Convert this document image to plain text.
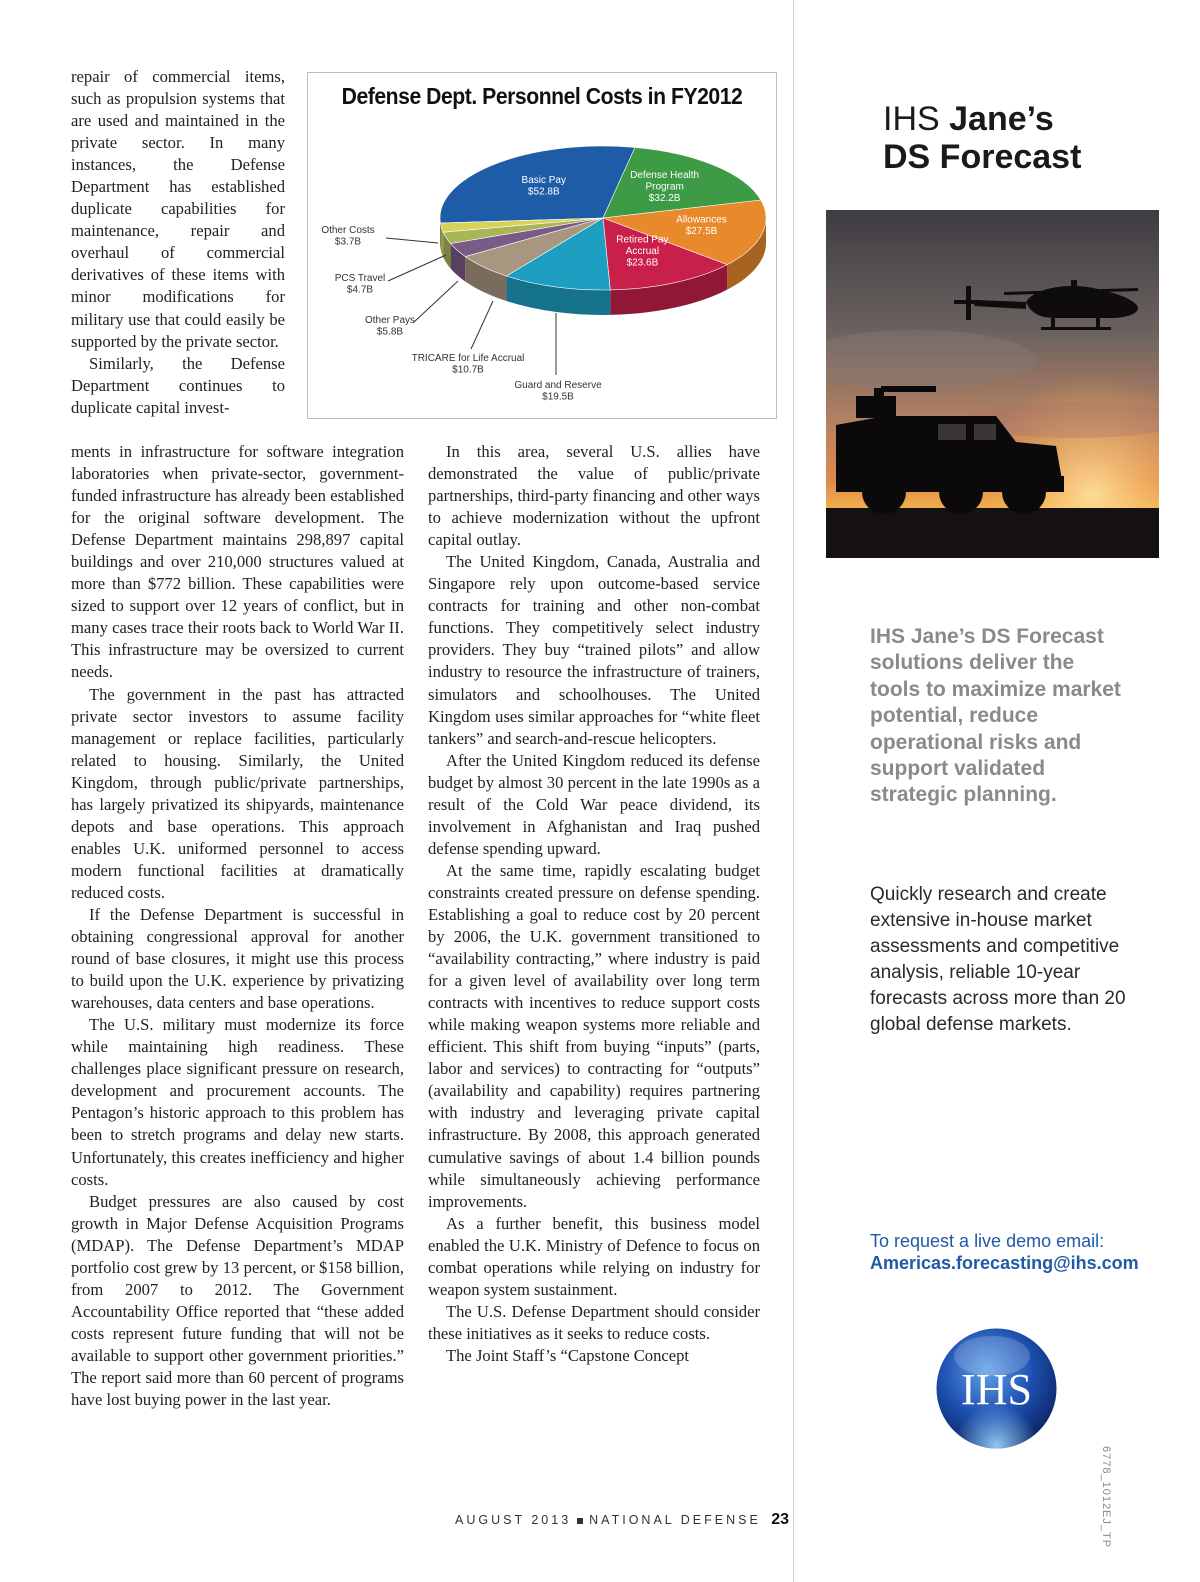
repair of commercial items, such as propulsion systems that are used and maintained in the private sector. In many instances, the Defense Department has established duplicate capabilities for maintenance, repair and overhaul of commercial derivatives of these items with minor modifications for military use that could easily be supported by the private sector.

Similarly, the Defense Department continues to duplicate capital invest-

ments in infrastructure for software integration laboratories when private-sector, government-funded infrastructure has already been established for the original software development. The Defense Department maintains 298,897 capital buildings and over 210,000 structures valued at more than $772 billion. These capabilities were sized to support over 12 years of conflict, but in many cases trace their roots back to World War II. This infrastructure may be oversized to current needs.

The government in the past has attracted private sector investors to assume facility management or replace facilities, particularly related to housing. Similarly, the United Kingdom, through public/private partnerships, has largely privatized its shipyards, maintenance depots and base operations. This approach enables U.K. uniformed personnel to access modern functional facilities at dramatically reduced costs.

If the Defense Department is successful in obtaining congressional approval for another round of base closures, it might use this process to build upon the U.K. experience by privatizing warehouses, data centers and base operations.

The U.S. military must modernize its force while maintaining high readiness. These challenges place significant pressure on research, development and procurement accounts. The Pentagon’s historic approach to this problem has been to stretch programs and delay new starts. Unfortunately, this creates inefficiency and higher costs.

Budget pressures are also caused by cost growth in Major Defense Acquisition Programs (MDAP). The Defense Department’s MDAP portfolio cost grew by 13 percent, or $158 billion, from 2007 to 2012. The Government Accountability Office reported that “these added costs represent future funding that will not be available to support other government priorities.” The report said more than 60 percent of programs have lost buying power in the last year.

In this area, several U.S. allies have demonstrated the value of public/private partnerships, third-party financing and other ways to achieve modernization without the upfront capital outlay.

The United Kingdom, Canada, Australia and Singapore rely upon outcome-based service contracts for training and other non-combat functions. They competitively select industry providers. They buy “trained pilots” and allow industry to resource the infrastructure of trainers, simulators and schoolhouses. The United Kingdom uses similar approaches for “white fleet tankers” and search-and-rescue helicopters.

After the United Kingdom reduced its defense budget by almost 30 percent in the late 1990s as a result of the Cold War peace dividend, its involvement in Afghanistan and Iraq pushed defense spending upward.

At the same time, rapidly escalating budget constraints created pressure on defense spending. Establishing a goal to reduce cost by 20 percent by 2006, the U.K. government transitioned to “availability contracting,” where industry is paid for a given level of availability over long term contracts with incentives to reduce support costs while making weapon systems more reliable and efficient. This shift from buying “inputs” (parts, labor and services) to contracting for “outputs” (availability and capability) requires partnering with industry and leveraging private capital infrastructure. By 2008, this approach generated cumulative savings of about 1.4 billion pounds while simultaneously achieving performance improvements.

As a further benefit, this business model enabled the U.K. Ministry of Defence to focus on combat operations while relying on industry for weapon system sustainment.

The U.S. Defense Department should consider these initiatives as it seeks to reduce costs.

The Joint Staff’s “Capstone Concept

Basic Pay $52.8B
Defense Health Program $32.2B
Allowances $27.5B
Retired Pay Accrual $23.6B
Guard and Reserve $19.5B
TRICARE for Life Accrual $10.7B
Other Pays $5.8B
PCS Travel $4.7B
Other Costs $3.7B
Defense Dept. Personnel Costs in FY2012
AUGUST 2013 NATIONAL DEFENSE 23
IHS Jane’s
DS Forecast
IHS Jane’s DS Forecast solutions deliver the tools to maximize market potential, reduce operational risks and support validated strategic planning.
Quickly research and create extensive in-house market assessments and competitive analysis, reliable 10-year forecasts across more than 20 global defense markets.
To request a live demo email:
Americas.forecasting@ihs.com
IHS
6778_1012EJ_TP
